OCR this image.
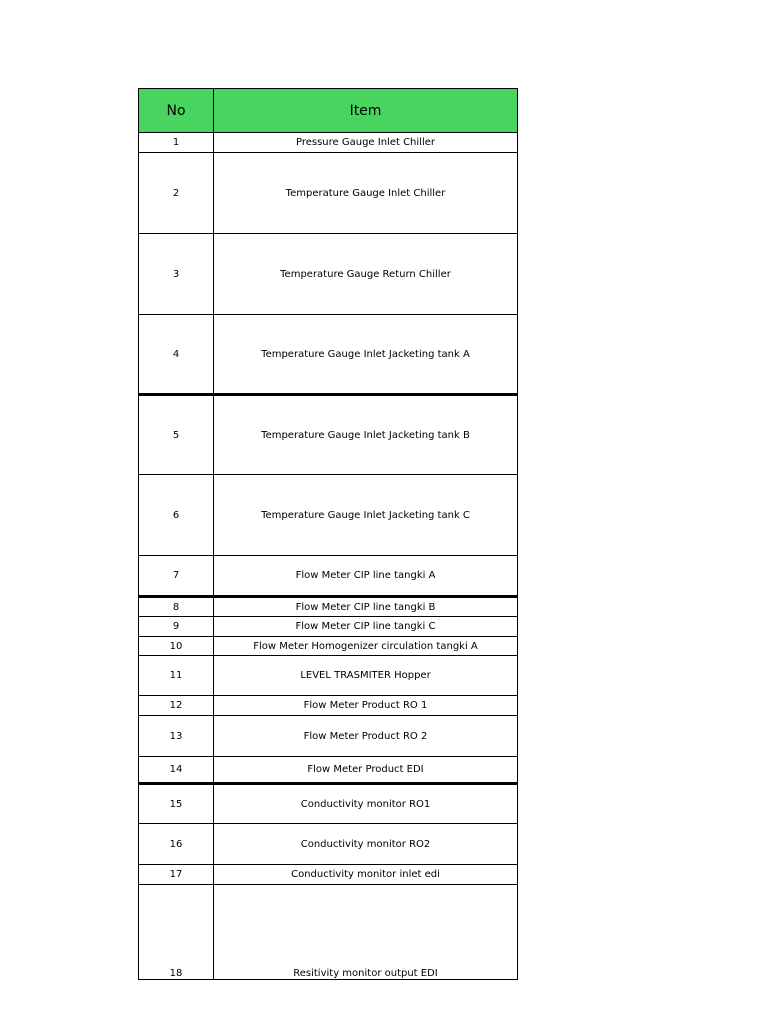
No	Item
1	Pressure Gauge Inlet Chiller
2	Temperature Gauge Inlet Chiller
3	Temperature Gauge Return Chiller
4	Temperature Gauge Inlet Jacketing tank A
5	Temperature Gauge Inlet Jacketing tank B
6	Temperature Gauge Inlet Jacketing tank C
7	Flow Meter CIP line tangki A
8	Flow Meter CIP line tangki B
9	Flow Meter CIP line tangki C
10	Flow Meter Homogenizer circulation tangki A
11	LEVEL TRASMITER Hopper
12	Flow Meter Product RO 1
13	Flow Meter Product RO 2
14	Flow Meter Product EDI
15	Conductivity monitor RO1
16	Conductivity monitor RO2
17	Conductivity monitor inlet edi
18	Resitivity monitor output EDI
